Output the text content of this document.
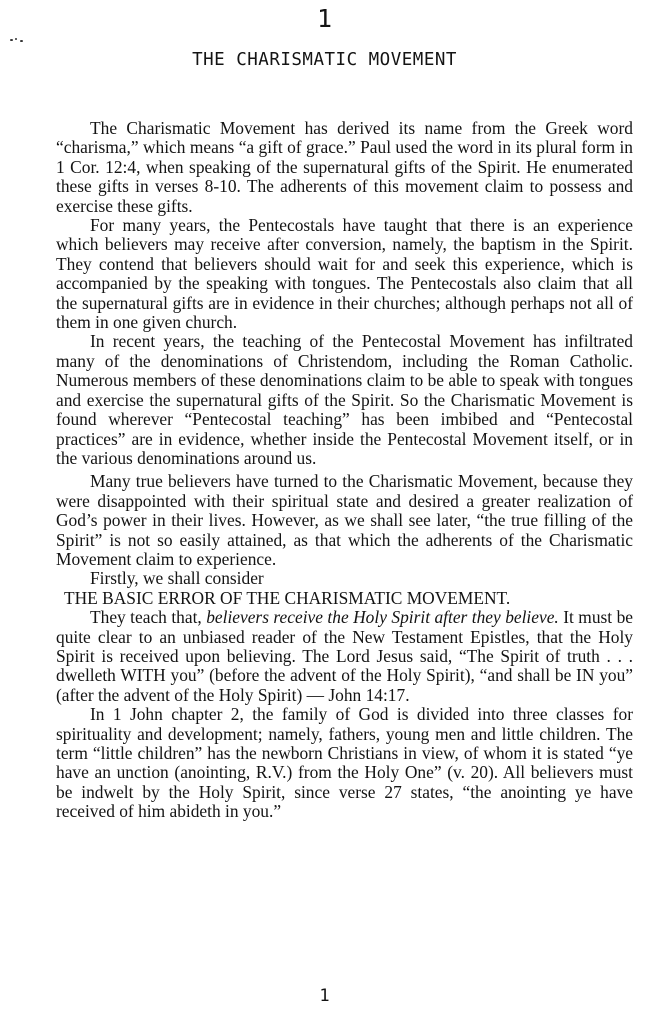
1
THE CHARISMATIC MOVEMENT

The Charismatic Movement has derived its name from the Greek word “charisma,” which means “a gift of grace.” Paul used the word in its plural form in 1 Cor. 12:4, when speaking of the supernatural gifts of the Spirit. He enumerated these gifts in verses 8-10. The adherents of this movement claim to possess and exercise these gifts.

For many years, the Pentecostals have taught that there is an experience which believers may receive after conversion, namely, the baptism in the Spirit. They contend that believers should wait for and seek this experience, which is accompanied by the speaking with tongues. The Pentecostals also claim that all the supernatural gifts are in evidence in their churches; although perhaps not all of them in one given church.

In recent years, the teaching of the Pentecostal Movement has infiltrated many of the denominations of Christendom, including the Roman Catholic. Numerous members of these denominations claim to be able to speak with tongues and exercise the supernatural gifts of the Spirit. So the Charismatic Movement is found wherever “Pentecostal teaching” has been imbibed and “Pentecostal practices” are in evidence, whether inside the Pentecostal Movement itself, or in the various denominations around us.

Many true believers have turned to the Charismatic Movement, because they were disappointed with their spiritual state and desired a greater realization of God’s power in their lives. However, as we shall see later, “the true filling of the Spirit” is not so easily attained, as that which the adherents of the Charismatic Movement claim to experience.

Firstly, we shall consider

THE BASIC ERROR OF THE CHARISMATIC MOVEMENT.

They teach that, believers receive the Holy Spirit after they believe. It must be quite clear to an unbiased reader of the New Testament Epistles, that the Holy Spirit is received upon believing. The Lord Jesus said, “The Spirit of truth . . . dwelleth WITH you” (before the advent of the Holy Spirit), “and shall be IN you” (after the advent of the Holy Spirit) — John 14:17.

In 1 John chapter 2, the family of God is divided into three classes for spirituality and development; namely, fathers, young men and little children. The term “little children” has the newborn Christians in view, of whom it is stated “ye have an unction (anointing, R.V.) from the Holy One” (v. 20). All believers must be indwelt by the Holy Spirit, since verse 27 states, “the anointing ye have received of him abideth in you.”

1
